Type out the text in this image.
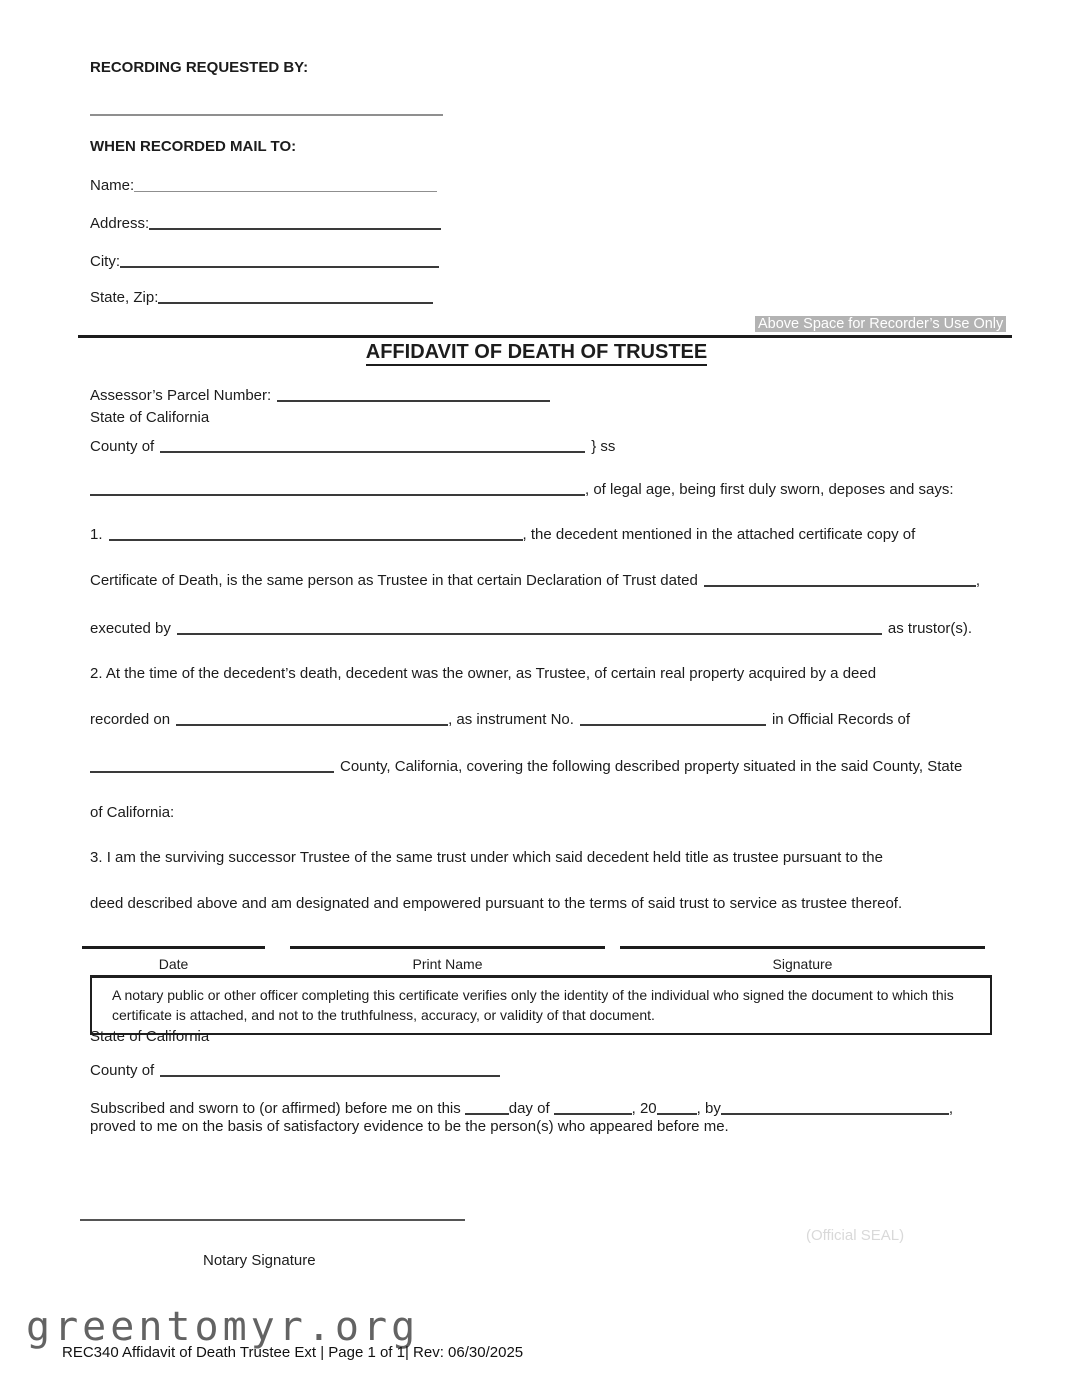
RECORDING REQUESTED BY:
WHEN RECORDED MAIL TO:
Name:
Address:
City:
State, Zip:
Above Space for Recorder’s Use Only
AFFIDAVIT OF DEATH OF TRUSTEE
Assessor’s Parcel Number:
State of California
County of	} ss
, of legal age, being first duly sworn, deposes and says:
1.	, the decedent mentioned in the attached certificate copy of
Certificate of Death, is the same person as Trustee in that certain Declaration of Trust dated	,
executed by	as trustor(s).
2. At the time of the decedent’s death, decedent was the owner, as Trustee, of certain real property acquired by a deed
recorded on	, as instrument No.	in Official Records of
County, California, covering the following described property situated in the said County, State
of California:
3. I am the surviving successor Trustee of the same trust under which said decedent held title as trustee pursuant to the
deed described above and am designated and empowered pursuant to the terms of said trust to service as trustee thereof.
Date	Print Name	Signature
A notary public or other officer completing this certificate verifies only the identity of the individual who signed the document to which this certificate is attached, and not to the truthfulness, accuracy, or validity of that document.
State of California
County of
Subscribed and sworn to (or affirmed) before me on this	day of	, 20	, by	,
proved to me on the basis of satisfactory evidence to be the person(s) who appeared before me.
Notary Signature
(Official SEAL)
greentomyr.org
REC340 Affidavit of Death Trustee Ext | Page 1 of 1| Rev: 06/30/2025
